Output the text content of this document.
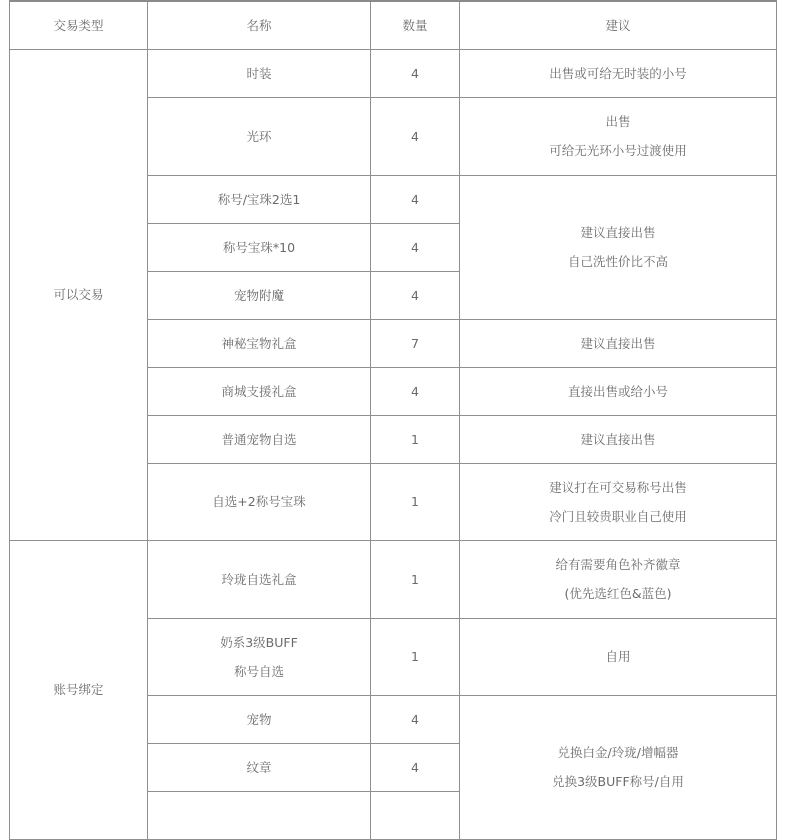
交易类型	名称	数量	建议
可以交易	时装	4	出售或可给无时装的小号
	光环	4	出售
可给无光环小号过渡使用

	称号/宝珠2选1	4	建议直接出售
自己洗性价比不高

	称号宝珠*10	4	
	宠物附魔	4	
	神秘宝物礼盒	7	建议直接出售
	商城支援礼盒	4	直接出售或给小号
	普通宠物自选	1	建议直接出售
	自选+2称号宝珠	1	建议打在可交易称号出售
冷门且较贵职业自己使用

账号绑定	玲珑自选礼盒	1	给有需要角色补齐徽章
(优先选红色&蓝色)

	奶系3级BUFF
称号自选	1	自用
	宠物	4	兑换白金/玲珑/增幅器
兑换3级BUFF称号/自用

	纹章	4	
